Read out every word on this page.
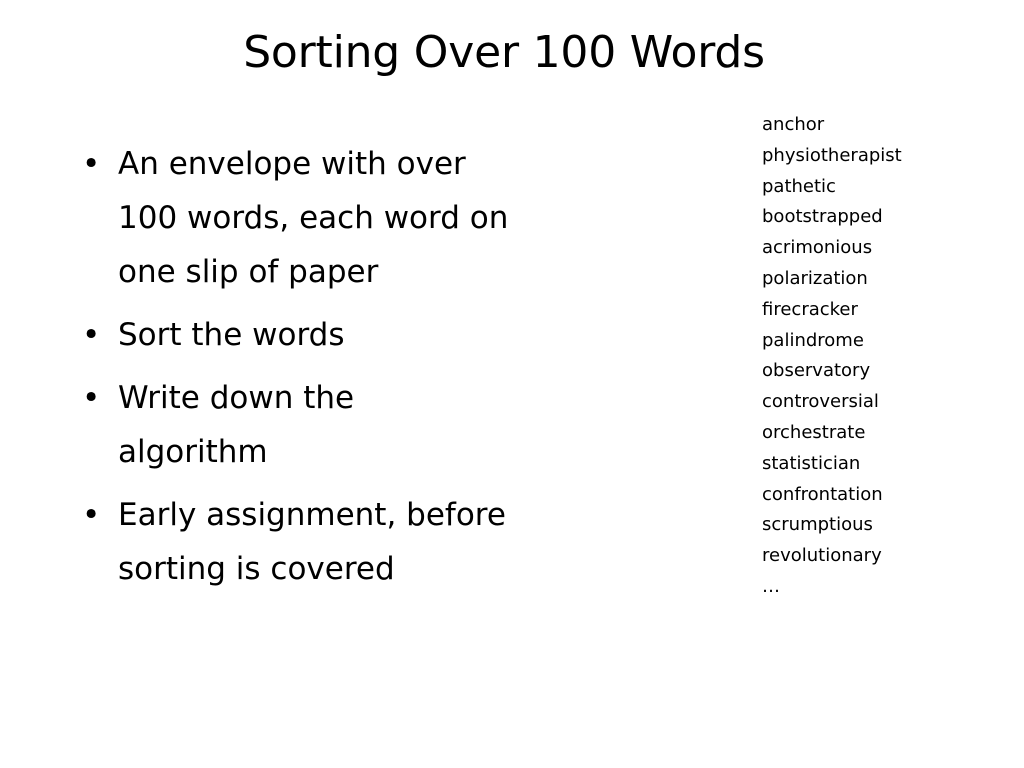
Sorting Over 100 Words
• An envelope with over
100 words, each word on
one slip of paper
• Sort the words
• Write down the
algorithm
• Early assignment, before
sorting is covered
anchor
physiotherapist
pathetic
bootstrapped
acrimonious
polarization
firecracker
palindrome
observatory
controversial
orchestrate
statistician
confrontation
scrumptious
revolutionary
…
